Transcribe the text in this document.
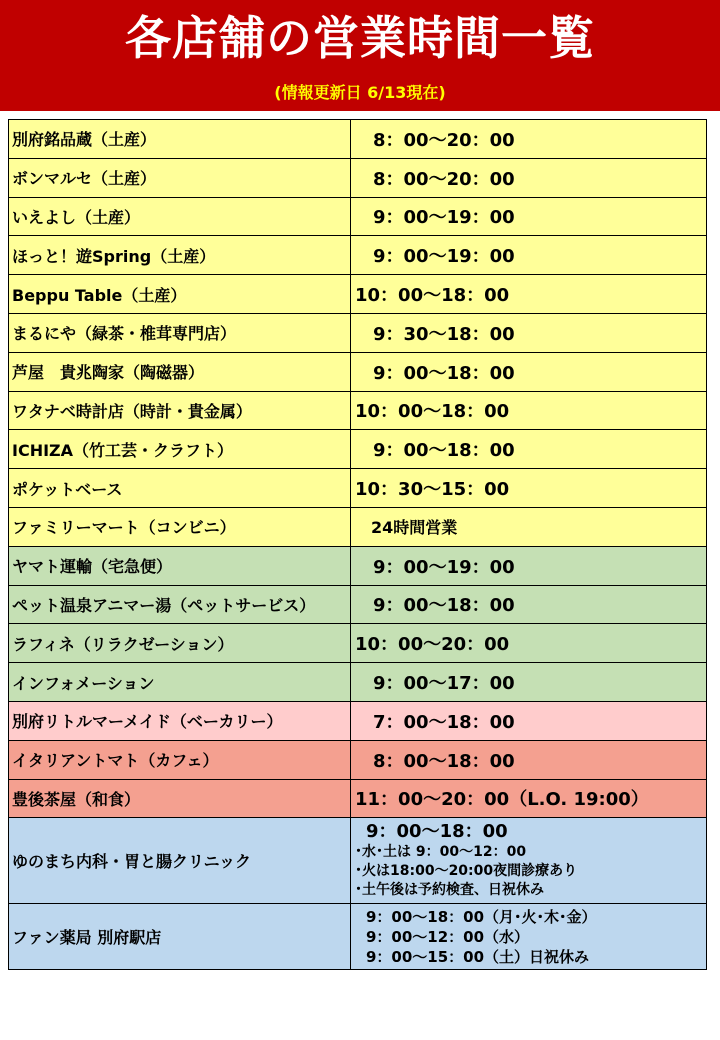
各店舗の営業時間一覧
(情報更新日 6/13現在)
別府銘品蔵（土産）	　8：00～20：00
ボンマルセ（土産）	　8：00～20：00
いえよし（土産）	　9：00～19：00
ほっと！遊Spring（土産）	　9：00～19：00
Beppu Table（土産）	10：00～18：00
まるにや（緑茶・椎茸専門店）	　9：30～18：00
芦屋　貴兆陶家（陶磁器）	　9：00～18：00
ワタナベ時計店（時計・貴金属）	10：00～18：00
ICHIZA（竹工芸・クラフト）	　9：00～18：00
ポケットベース	10：30～15：00
ファミリーマート（コンビニ）	　24時間営業
ヤマト運輸（宅急便）	　9：00～19：00
ペット温泉アニマー湯（ペットサービス）	　9：00～18：00
ラフィネ（リラクゼーション）	10：00～20：00
インフォメーション	　9：00～17：00
別府リトルマーメイド（ベーカリー）	　7：00～18：00
イタリアントマト（カフェ）	　8：00～18：00
豊後茶屋（和食）	11：00～20：00（L.O. 19:00）
ゆのまち内科・胃と腸クリニック	9：00～18：00
･水･土は 9：00～12：00
･火は18:00～20:00夜間診療あり
･土午後は予約検査、日祝休み

ファン薬局 別府駅店	9：00～18：00（月･火･木･金）
9：00～12：00（水）
9：00～15：00（土）日祝休み
